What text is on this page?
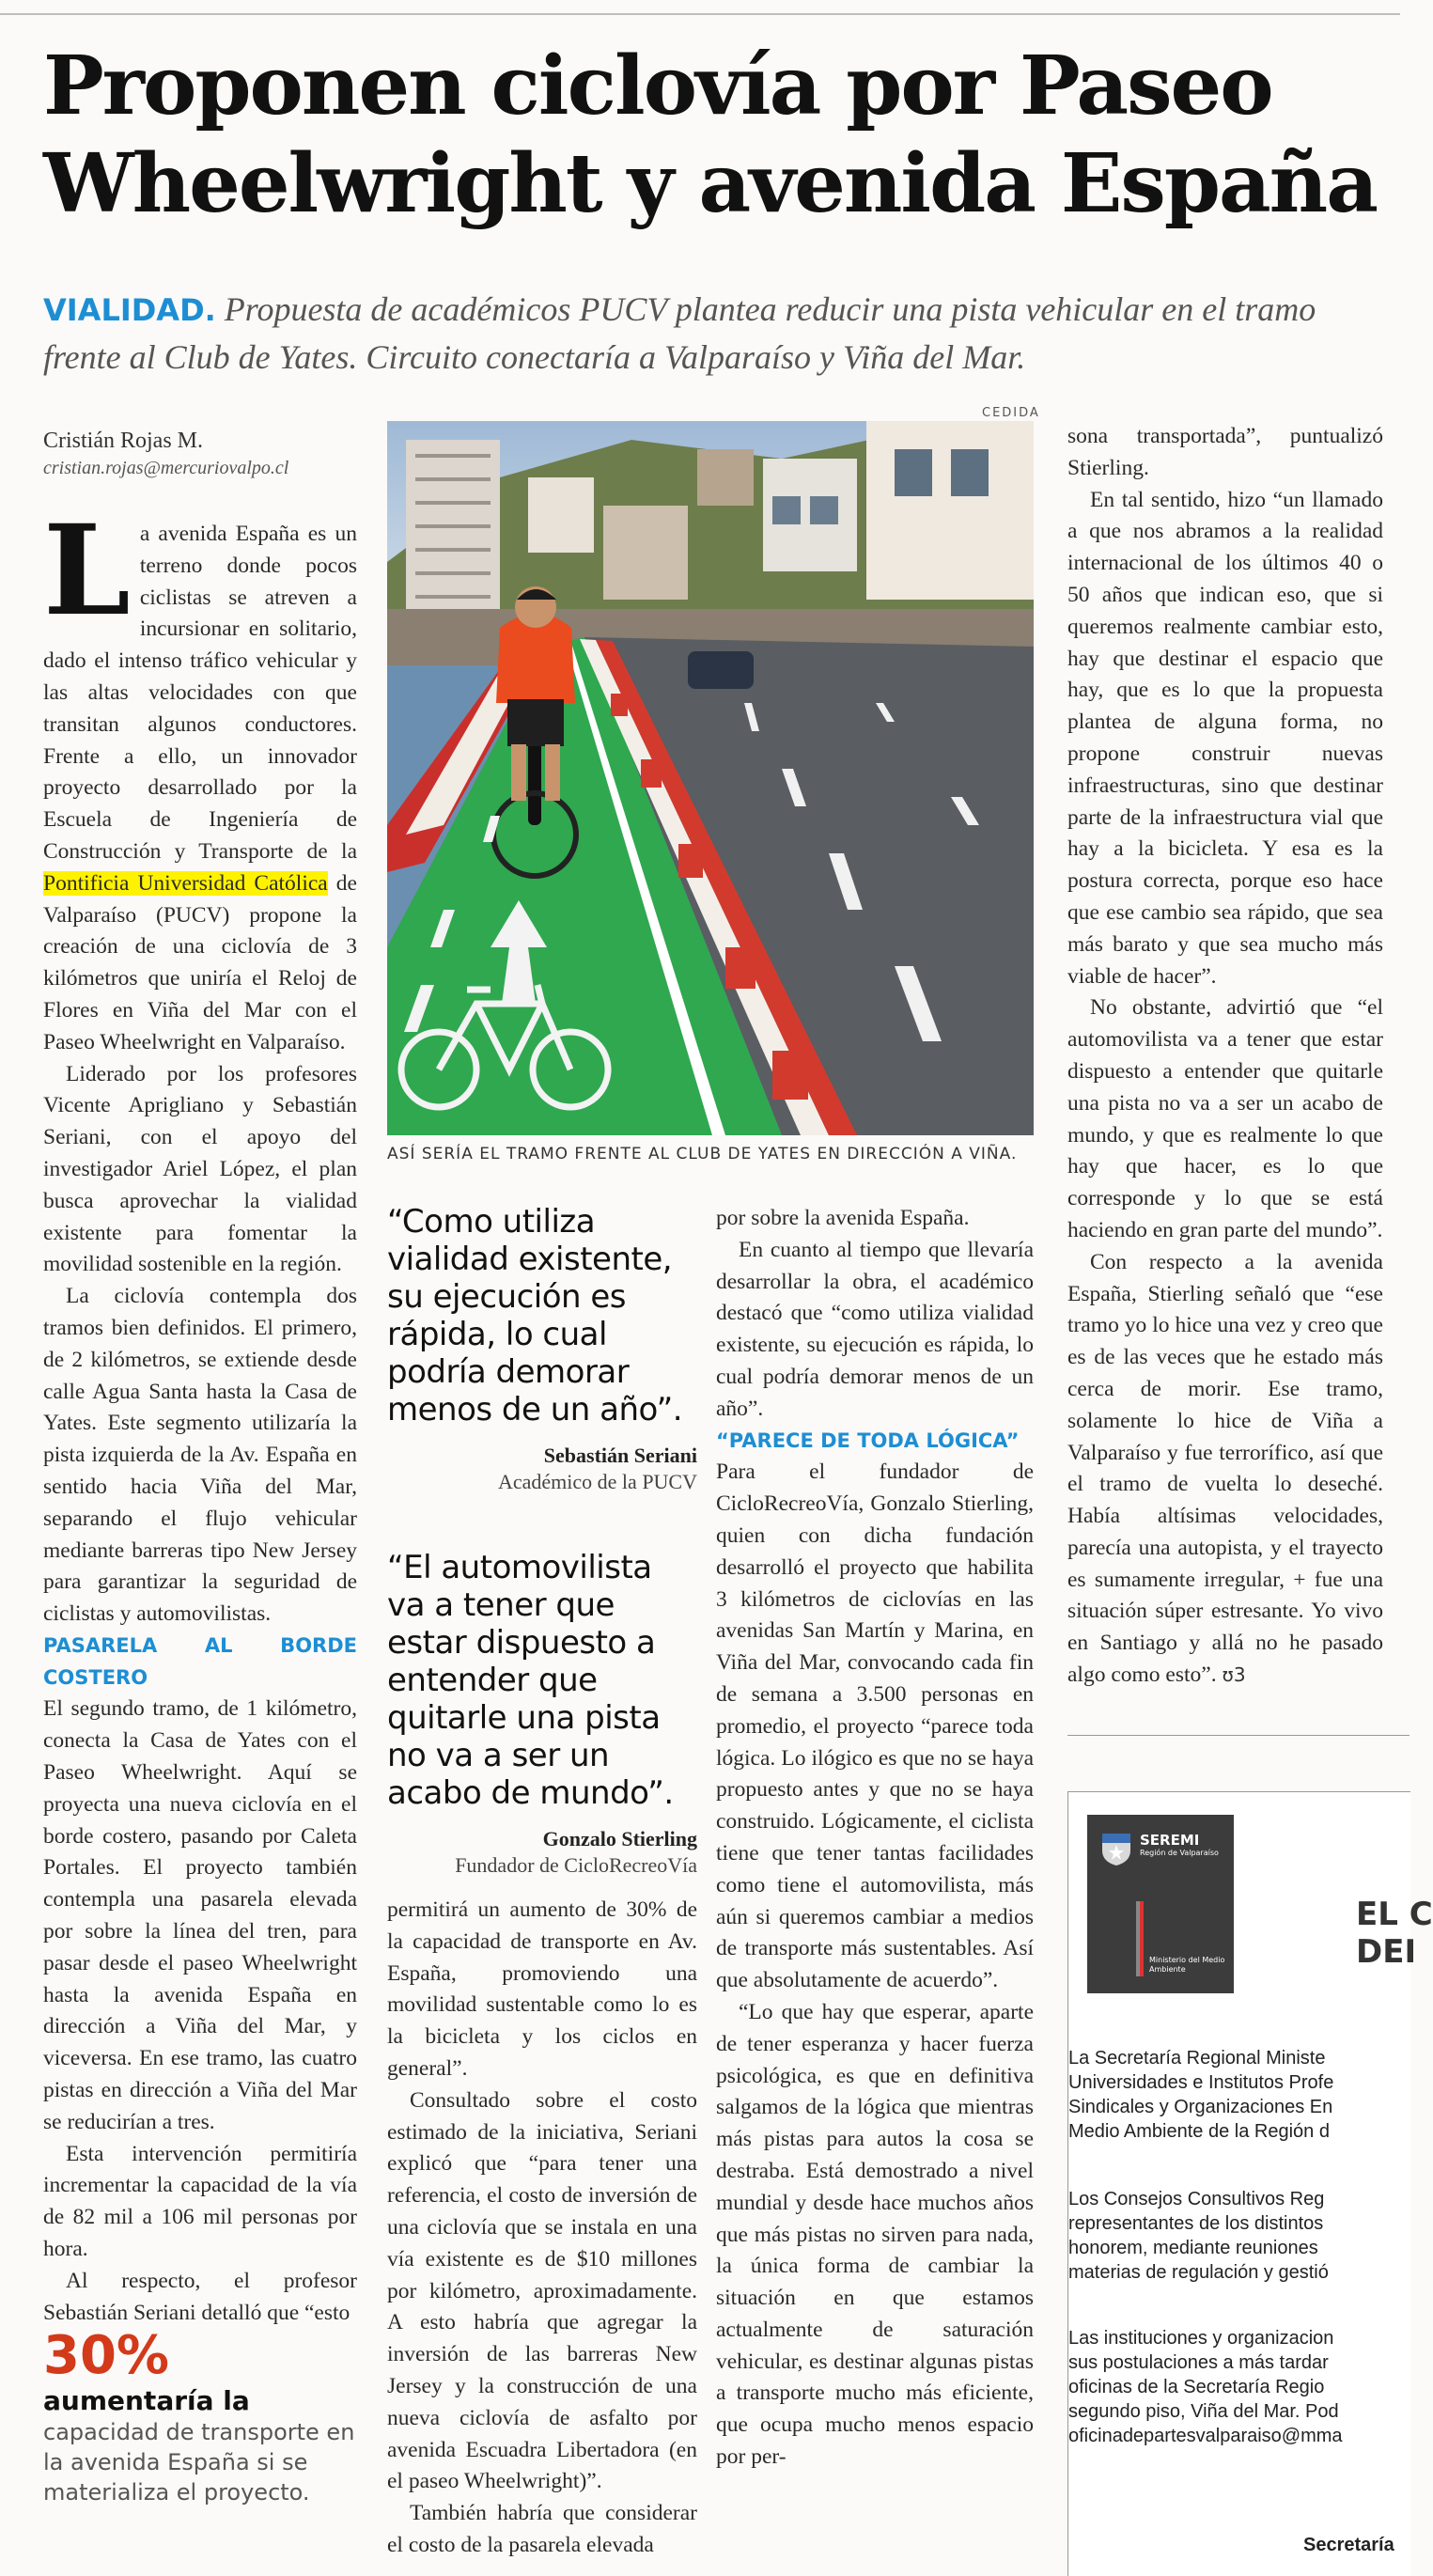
Proponen ciclovía por Paseo Wheelwright y avenida España
VIALIDAD. Propuesta de académicos PUCV plantea reducir una pista vehicular en el tramo frente al Club de Yates. Circuito conectaría a Valparaíso y Viña del Mar.
CEDIDA
Cristián Rojas M.
cristian.rojas@mercuriovalpo.cl

La avenida España es un terreno donde pocos ciclistas se atreven a incursionar en solitario, dado el intenso tráfico vehicular y las altas velocidades con que transitan algunos conductores. Frente a ello, un innovador proyecto desarrollado por la Escuela de Ingeniería de Construcción y Transporte de la Pontificia Universidad Católica de Valparaíso (PUCV) propone la creación de una ciclovía de 3 kilómetros que uniría el Reloj de Flores en Viña del Mar con el Paseo Wheelwright en Valparaíso.

Liderado por los profesores Vicente Aprigliano y Sebastián Seriani, con el apoyo del investigador Ariel López, el plan busca aprovechar la vialidad existente para fomentar la movilidad sostenible en la región.

La ciclovía contempla dos tramos bien definidos. El primero, de 2 kilómetros, se extiende desde calle Agua Santa hasta la Casa de Yates. Este segmento utilizaría la pista izquierda de la Av. España en sentido hacia Viña del Mar, separando el flujo vehicular mediante barreras tipo New Jersey para garantizar la seguridad de ciclistas y automovilistas.

PASARELA AL BORDE COSTERO

El segundo tramo, de 1 kilómetro, conecta la Casa de Yates con el Paseo Wheelwright. Aquí se proyecta una nueva ciclovía en el borde costero, pasando por Caleta Portales. El proyecto también contempla una pasarela elevada por sobre la línea del tren, para pasar desde el paseo Wheelwright hasta la avenida España en dirección a Viña del Mar, y viceversa. En ese tramo, las cuatro pistas en dirección a Viña del Mar se reducirían a tres.

Esta intervención permitiría incrementar la capacidad de la vía de 82 mil a 106 mil personas por hora.

Al respecto, el profesor Sebastián Seriani detalló que “esto

30%
aumentaría la capacidad de transporte en la avenida España si se materializa el proyecto.
ASÍ SERÍA EL TRAMO FRENTE AL CLUB DE YATES EN DIRECCIÓN A VIÑA.
“Como utiliza vialidad existente, su ejecución es rápida, lo cual podría demorar menos de un año”.
Sebastián Seriani
Académico de la PUCV
“El automovilista va a tener que estar dispuesto a entender que quitarle una pista no va a ser un acabo de mundo”.
Gonzalo Stierling
Fundador de CicloRecreoVía

permitirá un aumento de 30% de la capacidad de transporte en Av. España, promoviendo una movilidad sustentable como lo es la bicicleta y los ciclos en general”.

Consultado sobre el costo estimado de la iniciativa, Seriani explicó que “para tener una referencia, el costo de inversión de una ciclovía que se instala en una vía existente es de $10 millones por kilómetro, aproximadamente. A esto habría que agregar la inversión de las barreras New Jersey y la construcción de una nueva ciclovía de asfalto por avenida Escuadra Libertadora (en el paseo Wheelwright)”.

También habría que considerar el costo de la pasarela elevada

por sobre la avenida España.

En cuanto al tiempo que llevaría desarrollar la obra, el académico destacó que “como utiliza vialidad existente, su ejecución es rápida, lo cual podría demorar menos de un año”.

“PARECE DE TODA LÓGICA”

Para el fundador de CicloRecreoVía, Gonzalo Stierling, quien con dicha fundación desarrolló el proyecto que habilita 3 kilómetros de ciclovías en las avenidas San Martín y Marina, en Viña del Mar, convocando cada fin de semana a 3.500 personas en promedio, el proyecto “parece toda lógica. Lo ilógico es que no se haya propuesto antes y que no se haya construido. Lógicamente, el ciclista tiene que tener tantas facilidades como tiene el automovilista, más aún si queremos cambiar a medios de transporte más sustentables. Así que absolutamente de acuerdo”.

“Lo que hay que esperar, aparte de tener esperanza y hacer fuerza psicológica, es que en definitiva salgamos de la lógica que mientras más pistas para autos la cosa se destraba. Está demostrado a nivel mundial y desde hace muchos años que más pistas no sirven para nada, la única forma de cambiar la situación en que estamos actualmente de saturación vehicular, es destinar algunas pistas a transporte mucho más eficiente, que ocupa mucho menos espacio por per-

sona transportada”, puntualizó Stierling.

En tal sentido, hizo “un llamado a que nos abramos a la realidad internacional de los últimos 40 o 50 años que indican eso, que si queremos realmente cambiar esto, hay que destinar el espacio que hay, que es lo que la propuesta plantea de alguna forma, no propone construir nuevas infraestructuras, sino que destinar parte de la infraestructura vial que hay a la bicicleta. Y esa es la postura correcta, porque eso hace que ese cambio sea rápido, que sea más barato y que sea mucho más viable de hacer”.

No obstante, advirtió que “el automovilista va a tener que estar dispuesto a entender que quitarle una pista no va a ser un acabo de mundo, y que es realmente lo que hay que hacer, es lo que corresponde y lo que se está haciendo en gran parte del mundo”.

Con respecto a la avenida España, Stierling señaló que “ese tramo yo lo hice una vez y creo que es de las veces que he estado más cerca de morir. Ese tramo, solamente lo hice de Viña a Valparaíso y fue terrorífico, así que el tramo de vuelta lo deseché. Había altísimas velocidades, parecía una autopista, y el trayecto es sumamente irregular, + fue una situación súper estresante. Yo vivo en Santiago y allá no he pasado algo como esto”. ʊ3

SEREMI
Región de Valparaíso
Ministerio del Medio Ambiente
EL C
DEI
La Secretaría Regional Ministe
Universidades e Institutos Profe
Sindicales y Organizaciones En
Medio Ambiente de la Región d
Los Consejos Consultivos Reg
representantes de los distintos
honorem, mediante reuniones
materias de regulación y gestió
Las instituciones y organizacion
sus postulaciones a más tardar
oficinas de la Secretaría Regio
segundo piso, Viña del Mar. Pod
oficinadepartesvalparaiso@mma
Secretaría
